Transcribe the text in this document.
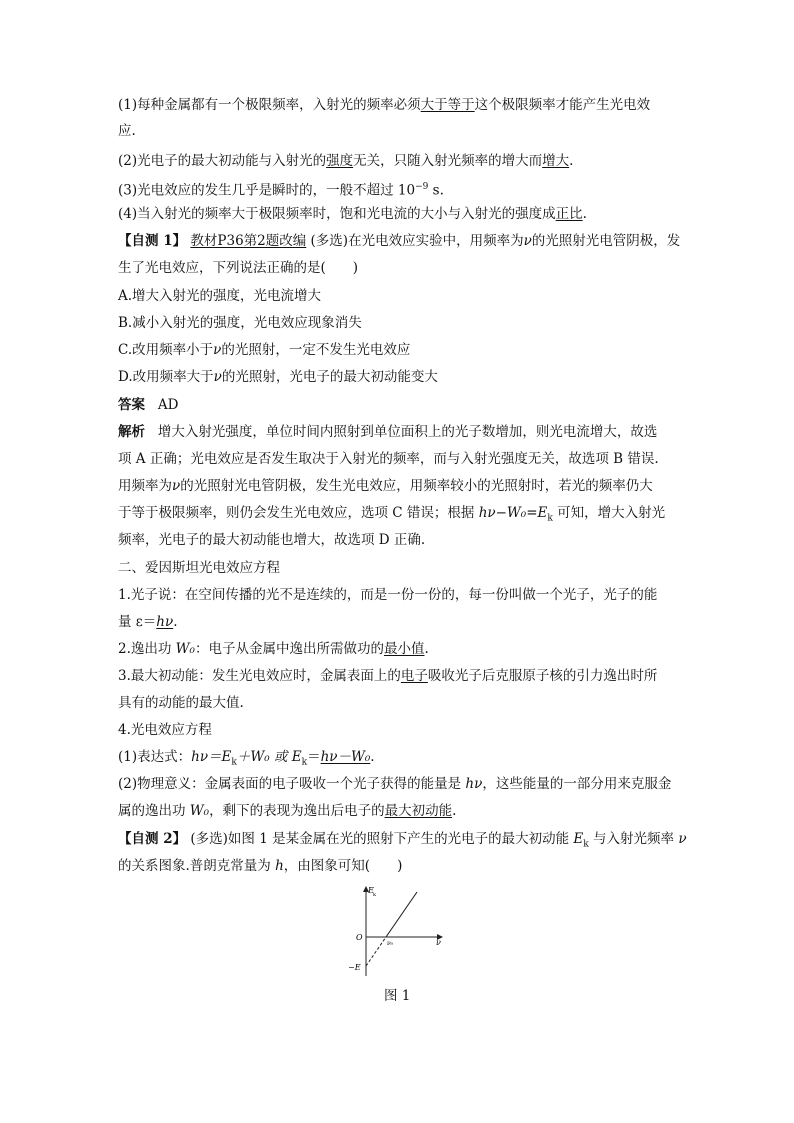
(1)每种金属都有一个极限频率，入射光的频率必须大于等于这个极限频率才能产生光电效
应.
(2)光电子的最大初动能与入射光的强度无关，只随入射光频率的增大而增大.
(3)光电效应的发生几乎是瞬时的，一般不超过 $10^{-9}$ s.
(4)当入射光的频率大于极限频率时，饱和光电流的大小与入射光的强度成正比.
【自测 1】 教材P36第2题改编 (多选)在光电效应实验中，用频率为ν的光照射光电管阴极，发
生了光电效应，下列说法正确的是(　　)
A.增大入射光的强度，光电流增大
B.减小入射光的强度，光电效应现象消失
C.改用频率小于ν的光照射，一定不发生光电效应
D.改用频率大于ν的光照射，光电子的最大初动能变大
答案 AD
解析 增大入射光强度，单位时间内照射到单位面积上的光子数增加，则光电流增大，故选
项 A 正确；光电效应是否发生取决于入射光的频率，而与入射光强度无关，故选项 B 错误.
用频率为ν的光照射光电管阴极，发生光电效应，用频率较小的光照射时，若光的频率仍大
于等于极限频率，则仍会发生光电效应，选项 C 错误；根据 $h\nu-W_0=E_k$ 可知，增大入射光
频率，光电子的最大初动能也增大，故选项 D 正确.
二、爱因斯坦光电效应方程
1.光子说：在空间传播的光不是连续的，而是一份一份的，每一份叫做一个光子，光子的能
量 ε＝hν.
2.逸出功 W₀：电子从金属中逸出所需做功的最小值.
3.最大初动能：发生光电效应时，金属表面上的电子吸收光子后克服原子核的引力逸出时所
具有的动能的最大值.
4.光电效应方程
(1)表达式：$h\nu=E_k+W_0$ 或 $E_k=h\nu-W_0$.
(2)物理意义：金属表面的电子吸收一个光子获得的能量是 hν，这些能量的一部分用来克服金
属的逸出功 W₀，剩下的表现为逸出后电子的最大初动能.
【自测 2】 (多选)如图 1 是某金属在光的照射下产生的光电子的最大初动能 $E_k$ 与入射光频率 ν
的关系图象.普朗克常量为 h，由图象可知(　　)
E k
O
ν
ν₀
−E
图 1
